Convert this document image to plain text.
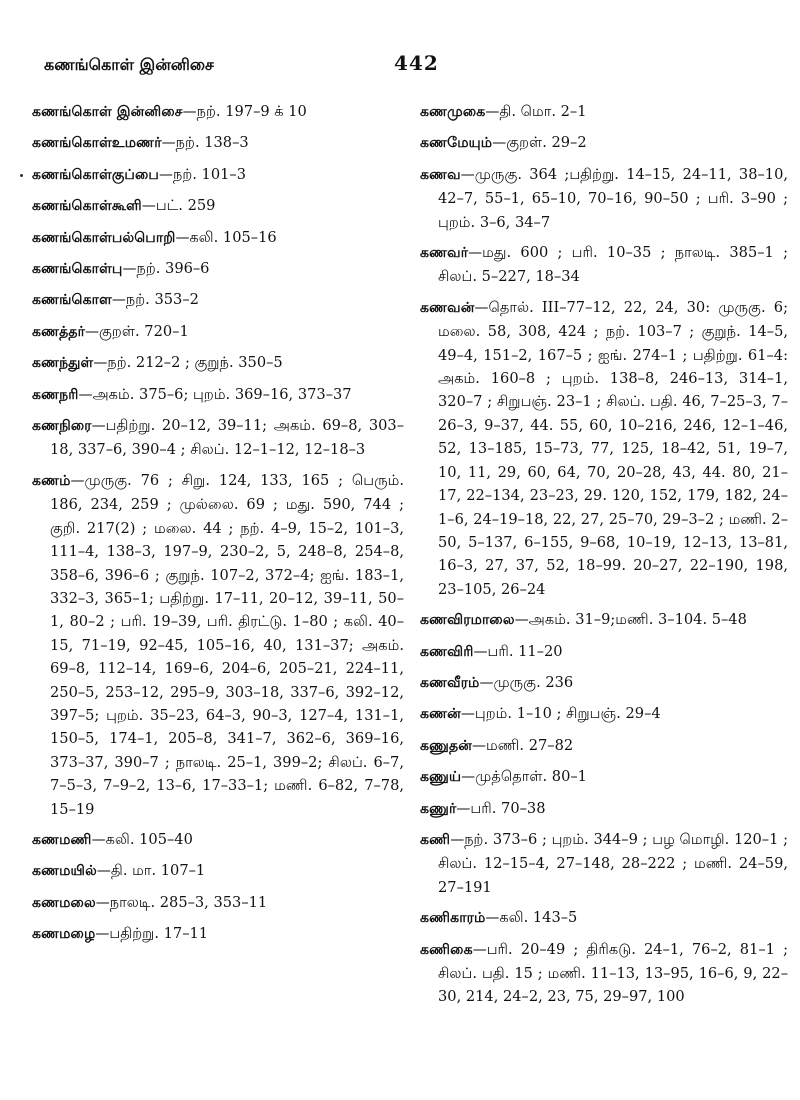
கணங்கொள் இன்னிசை	442
கணங்கொள் இன்னிசை—நற். 197–9 க் 10
கணங்கொள்உமணர்—நற். 138–3
கணங்கொள்குப்பை—நற். 101–3
கணங்கொள்கூளி—பட். 259
கணங்கொள்பல்பொறி—கலி. 105–16
கணங்கொள்பு—நற். 396–6
கணங்கொள—நற். 353–2
கணத்தர்—குறள். 720–1
கணந்துள்—நற். 212–2 ; குறுந். 350–5
கணநரி—அகம். 375–6; புறம். 369–16, 373–37
கணநிரை—பதிற்று. 20–12, 39–11; அகம். 69–8, 303–18, 337–6, 390–4 ; சிலப். 12–1–12, 12–18–3
கணம்—முருகு. 76 ; சிறு. 124, 133, 165 ; பெரும். 186, 234, 259 ; முல்லை. 69 ; மது. 590, 744 ; குறி. 217(2) ; மலை. 44 ; நற். 4–9, 15–2, 101–3, 111–4, 138–3, 197–9, 230–2, 5, 248–8, 254–8, 358–6, 396–6 ; குறுந். 107–2, 372–4; ஐங். 183–1, 332–3, 365–1; பதிற்று. 17–11, 20–12, 39–11, 50–1, 80–2 ; பரி. 19–39, பரி. திரட்டு. 1–80 ; கலி. 40–15, 71–19, 92–45, 105–16, 40, 131–37; அகம். 69–8, 112–14, 169–6, 204–6, 205–21, 224–11, 250–5, 253–12, 295–9, 303–18, 337–6, 392–12, 397–5; புறம். 35–23, 64–3, 90–3, 127–4, 131–1, 150–5, 174–1, 205–8, 341–7, 362–6, 369–16, 373–37, 390–7 ; நாலடி. 25–1, 399–2; சிலப். 6–7, 7–5–3, 7–9–2, 13–6, 17–33–1; மணி. 6–82, 7–78, 15–19
கணமணி—கலி. 105–40
கணமயில்—தி. மா. 107–1
கணமலை—நாலடி. 285–3, 353–11
கணமழை—பதிற்று. 17–11
கணமுகை—தி. மொ. 2–1
கணமேயும்—குறள். 29–2
கணவ—முருகு. 364 ;பதிற்று. 14–15, 24–11, 38–10, 42–7, 55–1, 65–10, 70–16, 90–50 ; பரி. 3–90 ; புறம். 3–6, 34–7
கணவர்—மது. 600 ; பரி. 10–35 ; நாலடி. 385–1 ; சிலப். 5–227, 18–34
கணவன்—தொல். III–77–12, 22, 24, 30: முருகு. 6; மலை. 58, 308, 424 ; நற். 103–7 ; குறுந். 14–5, 49–4, 151–2, 167–5 ; ஐங். 274–1 ; பதிற்று. 61–4: அகம். 160–8 ; புறம். 138–8, 246–13, 314–1, 320–7 ; சிறுபஞ். 23–1 ; சிலப். பதி. 46, 7–25–3, 7–26–3, 9–37, 44. 55, 60, 10–216, 246, 12–1–46, 52, 13–185, 15–73, 77, 125, 18–42, 51, 19–7, 10, 11, 29, 60, 64, 70, 20–28, 43, 44. 80, 21–17, 22–134, 23–23, 29. 120, 152, 179, 182, 24–1–6, 24–19–18, 22, 27, 25–70, 29–3–2 ; மணி. 2–50, 5–137, 6–155, 9–68, 10–19, 12–13, 13–81, 16–3, 27, 37, 52, 18–99. 20–27, 22–190, 198, 23–105, 26–24
கணவிரமாலை—அகம். 31–9;மணி. 3–104. 5–48
கணவிரி—பரி. 11–20
கணவீரம்—முருகு. 236
கணன்—புறம். 1–10 ; சிறுபஞ். 29–4
கணுதன்—மணி. 27–82
கணுய்—முத்தொள். 80–1
கணுர்—பரி. 70–38
கணி—நற். 373–6 ; புறம். 344–9 ; பழ மொழி. 120–1 ; சிலப். 12–15–4, 27–148, 28–222 ; மணி. 24–59, 27–191
கணிகாரம்—கலி. 143–5
கணிகை—பரி. 20–49 ; திரிகடு. 24–1, 76–2, 81–1 ; சிலப். பதி. 15 ; மணி. 11–13, 13–95, 16–6, 9, 22–30, 214, 24–2, 23, 75, 29–97, 100
